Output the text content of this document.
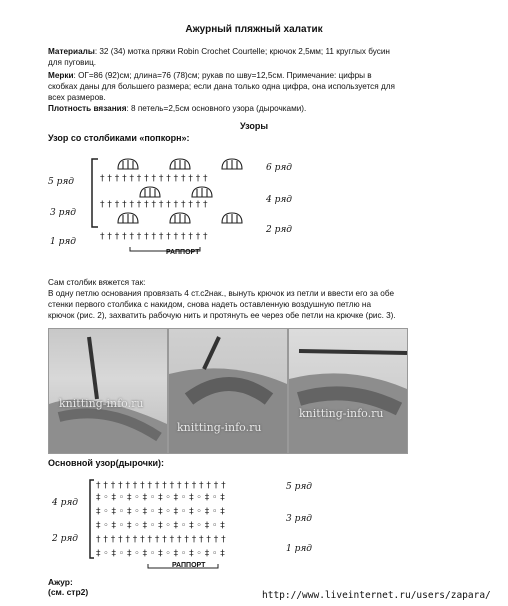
Ажурный пляжный халатик
Материалы: 32 (34) мотка пряжи Robin Crochet Courtelle; крючок 2,5мм; 11 круглых бусин
для пуговиц.
Мерки: ОГ=86 (92)см; длина=76 (78)см; рукав по шву=12,5см. Примечание: цифры в
скобках даны для большего размера; если дана только одна цифра, она используется для
всех размеров.
Плотность вязания: 8 петель=2,5см основного узора (дырочками).
Узоры
Узор со столбиками «попкорн»:
5 ряд
3 ряд
1 ряд
† † † † † † † † † † † † † † †
† † † † † † † † † † † † † † †
† † † † † † † † † † † † † † †
РАППОРТ
6 ряд
4 ряд
2 ряд
Сам столбик вяжется так:
В одну петлю основания провязать 4 ст.с2нак., вынуть крючок из петли и ввести его за обе
стенки первого столбика с накидом, снова надеть оставленную воздушную петлю на
крючок (рис. 2), захватить рабочую нить и протянуть ее через обе петли на крючке (рис. 3).
knitting-info.ru
knitting-info.ru
knitting-info.ru
Основной узор(дырочки):
4 ряд
2 ряд
† † † † † † † † † † † † † † † † † †
‡ ◦ ‡ ◦ ‡ ◦ ‡ ◦ ‡ ◦ ‡ ◦ ‡ ◦ ‡ ◦ ‡
‡ ◦ ‡ ◦ ‡ ◦ ‡ ◦ ‡ ◦ ‡ ◦ ‡ ◦ ‡ ◦ ‡
‡ ◦ ‡ ◦ ‡ ◦ ‡ ◦ ‡ ◦ ‡ ◦ ‡ ◦ ‡ ◦ ‡
† † † † † † † † † † † † † † † † † †
‡ ◦ ‡ ◦ ‡ ◦ ‡ ◦ ‡ ◦ ‡ ◦ ‡ ◦ ‡ ◦ ‡
РАППОРТ
5 ряд
3 ряд
1 ряд
Ажур:
(см. стр2)	http://www.liveinternet.ru/users/zapara/
